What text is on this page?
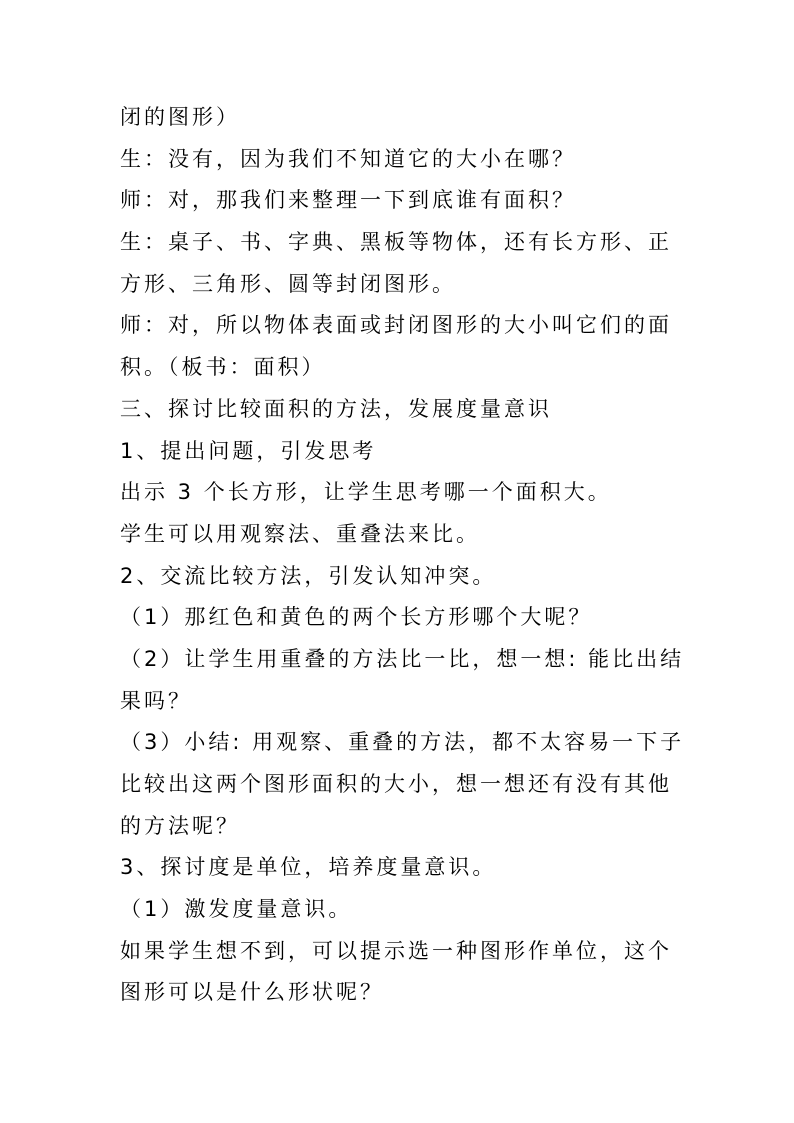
闭的图形）
生：没有，因为我们不知道它的大小在哪？
师：对，那我们来整理一下到底谁有面积？
生：桌子、书、字典、黑板等物体，还有长方形、正
方形、三角形、圆等封闭图形。
师：对，所以物体表面或封闭图形的大小叫它们的面
积。（板书：面积）
三、探讨比较面积的方法，发展度量意识
1、提出问题，引发思考
出示 3 个长方形，让学生思考哪一个面积大。
学生可以用观察法、重叠法来比。
2、交流比较方法，引发认知冲突。
（1）那红色和黄色的两个长方形哪个大呢？
（2）让学生用重叠的方法比一比，想一想: 能比出结
果吗？
（3）小结: 用观察、重叠的方法，都不太容易一下子
比较出这两个图形面积的大小，想一想还有没有其他
的方法呢？
3、探讨度是单位，培养度量意识。
（1）激发度量意识。
如果学生想不到，可以提示选一种图形作单位，这个
图形可以是什么形状呢？
